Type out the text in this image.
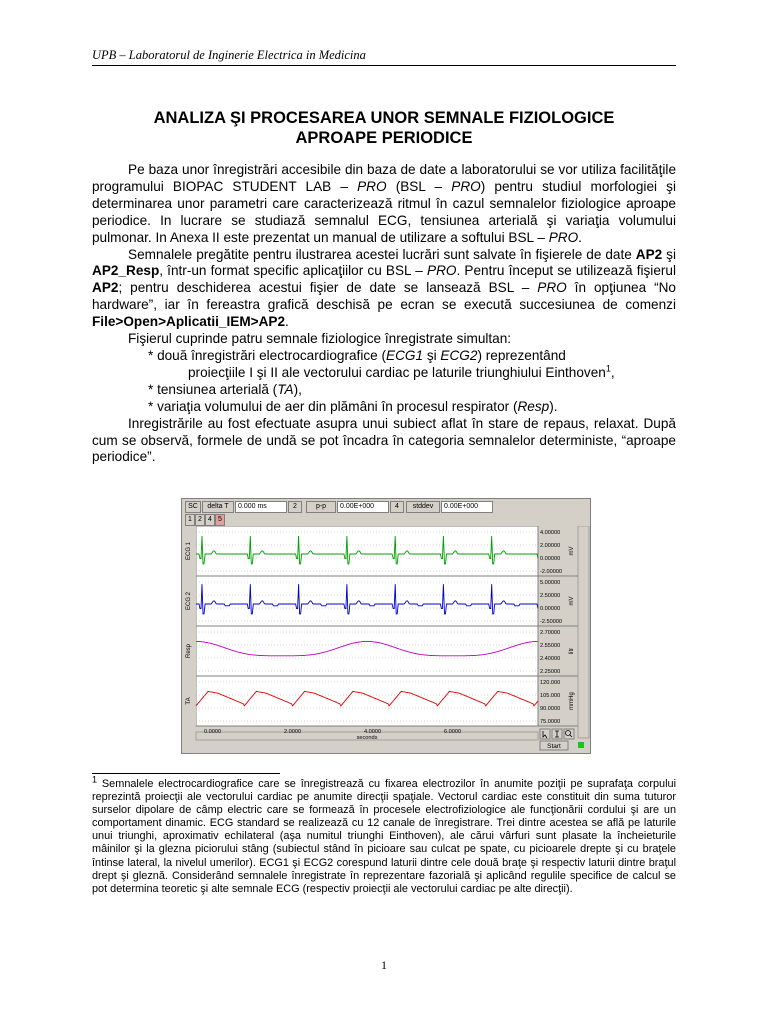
UPB – Laboratorul de Inginerie Electrica in Medicina
ANALIZA ŞI PROCESAREA UNOR SEMNALE FIZIOLOGICE
APROAPE PERIODICE

Pe baza unor înregistrări accesibile din baza de date a laboratorului se vor utiliza facilităţile programului BIOPAC STUDENT LAB – PRO (BSL – PRO) pentru studiul morfologiei şi determinarea unor parametri care caracterizează ritmul în cazul semnalelor fiziologice aproape periodice. In lucrare se studiază semnalul ECG, tensiunea arterială şi variaţia volumului pulmonar. In Anexa II este prezentat un manual de utilizare a softului BSL – PRO.

Semnalele pregătite pentru ilustrarea acestei lucrări sunt salvate în fişierele de date AP2 şi AP2_Resp, într-un format specific aplicaţiilor cu BSL – PRO. Pentru început se utilizează fişierul AP2; pentru deschiderea acestui fişier de date se lansează BSL – PRO în opţiunea “No hardware”, iar în fereastra grafică deschisă pe ecran se execută succesiunea de comenzi File>Open>Aplicatii_IEM>AP2.

Fişierul cuprinde patru semnale fiziologice înregistrate simultan:

* două înregistrări electrocardiografice (ECG1 şi ECG2) reprezentând
proiecţiile I şi II ale vectorului cardiac pe laturile triunghiului Einthoven$^1$,
* tensiunea arterială (TA),
* variaţia volumului de aer din plămâni în procesul respirator (Resp).

Inregistrările au fost efectuate asupra unui subiect aflat în stare de repaus, relaxat. După cum se observă, formele de undă se pot încadra în categoria semnalelor deterministe, “aproape periodice”.

SC	delta T	0.000 ms	2	p-p	0.00E+000	4	stddev	0.00E+000
1 2 4 5
Start
ECG 1	mV
4.00000
2.00000
0.00000
-2.00000
ECG 2	mV
5.00000
2.50000
0.00000
-2.50000
Resp	litr
2.70000
2.55000
2.40000
2.25000
TA	mmHg
120.000
105.000
90.0000
75.0000
0.0000	2.0000	4.0000	6.0000
seconds
$^1$ Semnalele electrocardiografice care se înregistrează cu fixarea electrozilor în anumite poziţii pe suprafaţa corpului reprezintă proiecţii ale vectorului cardiac pe anumite direcţii spaţiale. Vectorul cardiac este constituit din suma tuturor surselor dipolare de câmp electric care se formează în procesele electrofiziologice ale funcţionării cordului şi are un comportament dinamic. ECG standard se realizează cu 12 canale de înregistrare. Trei dintre acestea se află pe laturile unui triunghi, aproximativ echilateral (aşa numitul triunghi Einthoven), ale cărui vârfuri sunt plasate la încheieturile mâinilor şi la glezna piciorului stâng (subiectul stând în picioare sau culcat pe spate, cu picioarele drepte şi cu braţele întinse lateral, la nivelul umerilor). ECG1 şi ECG2 corespund laturii dintre cele două braţe şi respectiv laturii dintre braţul drept şi gleznă. Considerând semnalele înregistrate în reprezentare fazorială şi aplicând regulile specifice de calcul se pot determina teoretic şi alte semnale ECG (respectiv proiecţii ale vectorului cardiac pe alte direcţii).
1
